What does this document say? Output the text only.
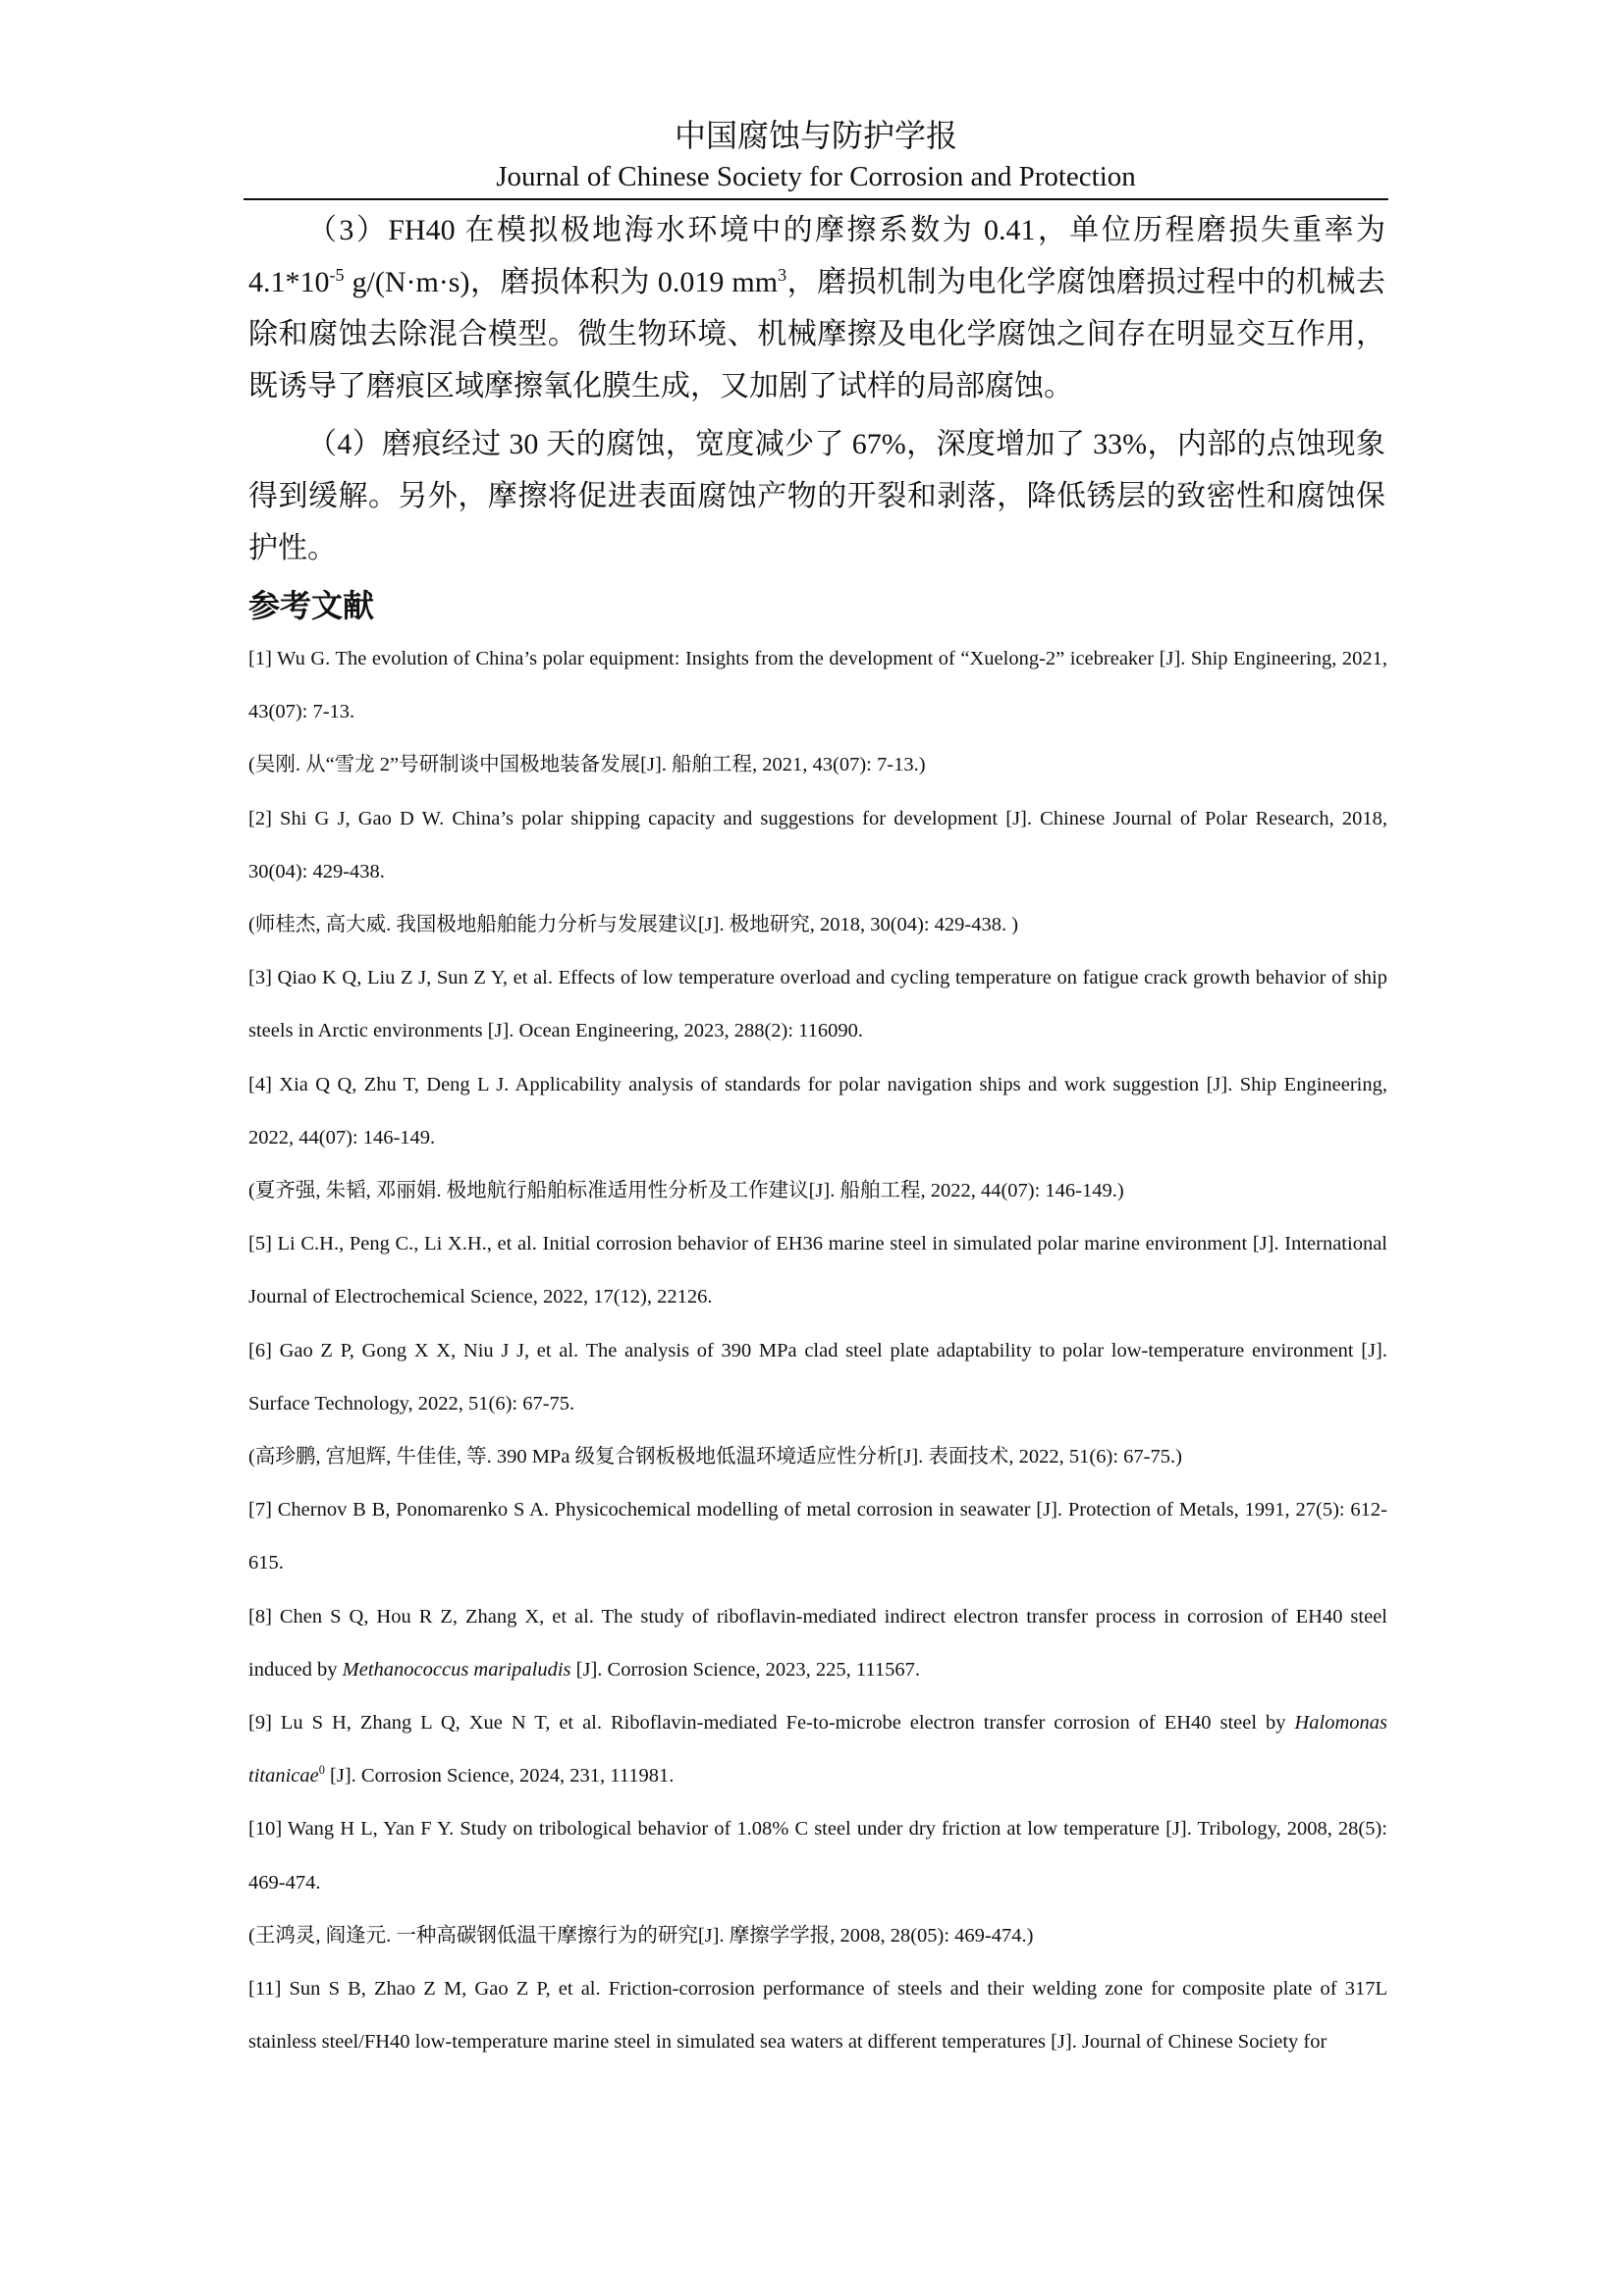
中国腐蚀与防护学报
Journal of Chinese Society for Corrosion and Protection

（3）FH40 在模拟极地海水环境中的摩擦系数为 0.41，单位历程磨损失重率为 $4.1*10^{-5}$ g/(N·m·s)，磨损体积为 0.019 $mm^3$，磨损机制为电化学腐蚀磨损过程中的机械去除和腐蚀去除混合模型。微生物环境、机械摩擦及电化学腐蚀之间存在明显交互作用，既诱导了磨痕区域摩擦氧化膜生成，又加剧了试样的局部腐蚀。

（4）磨痕经过 30 天的腐蚀，宽度减少了 67%，深度增加了 33%，内部的点蚀现象得到缓解。另外，摩擦将促进表面腐蚀产物的开裂和剥落，降低锈层的致密性和腐蚀保护性。

参考文献

[1] Wu G. The evolution of China’s polar equipment: Insights from the development of “Xuelong-2” icebreaker [J]. Ship Engineering, 2021, 43(07): 7-13.

(吴刚. 从“雪龙 2”号研制谈中国极地装备发展[J]. 船舶工程, 2021, 43(07): 7-13.)

[2] Shi G J, Gao D W. China’s polar shipping capacity and suggestions for development [J]. Chinese Journal of Polar Research, 2018, 30(04): 429-438.

(师桂杰, 高大威. 我国极地船舶能力分析与发展建议[J]. 极地研究, 2018, 30(04): 429-438. )

[3] Qiao K Q, Liu Z J, Sun Z Y, et al. Effects of low temperature overload and cycling temperature on fatigue crack growth behavior of ship steels in Arctic environments [J]. Ocean Engineering, 2023, 288(2): 116090.

[4] Xia Q Q, Zhu T, Deng L J. Applicability analysis of standards for polar navigation ships and work suggestion [J]. Ship Engineering, 2022, 44(07): 146-149.

(夏齐强, 朱韬, 邓丽娟. 极地航行船舶标准适用性分析及工作建议[J]. 船舶工程, 2022, 44(07): 146-149.)

[5] Li C.H., Peng C., Li X.H., et al. Initial corrosion behavior of EH36 marine steel in simulated polar marine environment [J]. International Journal of Electrochemical Science, 2022, 17(12), 22126.

[6] Gao Z P, Gong X X, Niu J J, et al. The analysis of 390 MPa clad steel plate adaptability to polar low-temperature environment [J]. Surface Technology, 2022, 51(6): 67-75.

(高珍鹏, 宫旭辉, 牛佳佳, 等. 390 MPa 级复合钢板极地低温环境适应性分析[J]. 表面技术, 2022, 51(6): 67-75.)

[7] Chernov B B, Ponomarenko S A. Physicochemical modelling of metal corrosion in seawater [J]. Protection of Metals, 1991, 27(5): 612-615.

[8] Chen S Q, Hou R Z, Zhang X, et al. The study of riboflavin-mediated indirect electron transfer process in corrosion of EH40 steel induced by Methanococcus maripaludis [J]. Corrosion Science, 2023, 225, 111567.

[9] Lu S H, Zhang L Q, Xue N T, et al. Riboflavin-mediated Fe-to-microbe electron transfer corrosion of EH40 steel by Halomonas titanicae$^0$ [J]. Corrosion Science, 2024, 231, 111981.

[10] Wang H L, Yan F Y. Study on tribological behavior of 1.08% C steel under dry friction at low temperature [J]. Tribology, 2008, 28(5): 469-474.

(王鸿灵, 阎逢元. 一种高碳钢低温干摩擦行为的研究[J]. 摩擦学学报, 2008, 28(05): 469-474.)

[11] Sun S B, Zhao Z M, Gao Z P, et al. Friction-corrosion performance of steels and their welding zone for composite plate of 317L stainless steel/FH40 low-temperature marine steel in simulated sea waters at different temperatures [J]. Journal of Chinese Society for
